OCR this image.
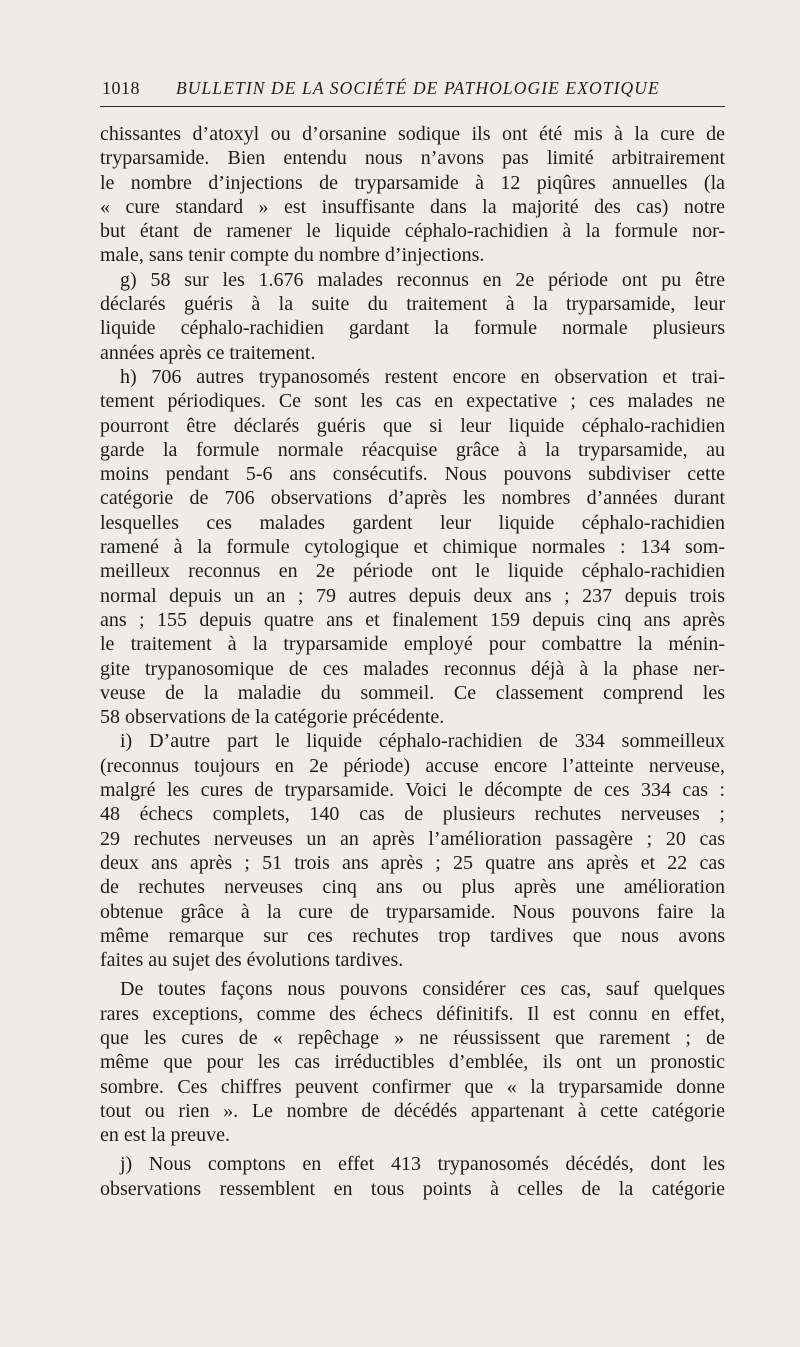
1018 BULLETIN DE LA SOCIÉTÉ DE PATHOLOGIE EXOTIQUE
chissantes d’atoxyl ou d’orsanine sodique ils ont été mis à la cure de
tryparsamide. Bien entendu nous n’avons pas limité arbitrairement
le nombre d’injections de tryparsamide à 12 piqûres annuelles (la
« cure standard » est insuffisante dans la majorité des cas) notre
but étant de ramener le liquide céphalo-rachidien à la formule nor-
male, sans tenir compte du nombre d’injections.
g) 58 sur les 1.676 malades reconnus en 2e période ont pu être
déclarés guéris à la suite du traitement à la tryparsamide, leur
liquide céphalo-rachidien gardant la formule normale plusieurs
années après ce traitement.
h) 706 autres trypanosomés restent encore en observation et trai-
tement périodiques. Ce sont les cas en expectative ; ces malades ne
pourront être déclarés guéris que si leur liquide céphalo-rachidien
garde la formule normale réacquise grâce à la tryparsamide, au
moins pendant 5-6 ans consécutifs. Nous pouvons subdiviser cette
catégorie de 706 observations d’après les nombres d’années durant
lesquelles ces malades gardent leur liquide céphalo-rachidien
ramené à la formule cytologique et chimique normales : 134 som-
meilleux reconnus en 2e période ont le liquide céphalo-rachidien
normal depuis un an ; 79 autres depuis deux ans ; 237 depuis trois
ans ; 155 depuis quatre ans et finalement 159 depuis cinq ans après
le traitement à la tryparsamide employé pour combattre la ménin-
gite trypanosomique de ces malades reconnus déjà à la phase ner-
veuse de la maladie du sommeil. Ce classement comprend les
58 observations de la catégorie précédente.
i) D’autre part le liquide céphalo-rachidien de 334 sommeilleux
(reconnus toujours en 2e période) accuse encore l’atteinte nerveuse,
malgré les cures de tryparsamide. Voici le décompte de ces 334 cas :
48 échecs complets, 140 cas de plusieurs rechutes nerveuses ;
29 rechutes nerveuses un an après l’amélioration passagère ; 20 cas
deux ans après ; 51 trois ans après ; 25 quatre ans après et 22 cas
de rechutes nerveuses cinq ans ou plus après une amélioration
obtenue grâce à la cure de tryparsamide. Nous pouvons faire la
même remarque sur ces rechutes trop tardives que nous avons
faites au sujet des évolutions tardives.
De toutes façons nous pouvons considérer ces cas, sauf quelques
rares exceptions, comme des échecs définitifs. Il est connu en effet,
que les cures de « repêchage » ne réussissent que rarement ; de
même que pour les cas irréductibles d’emblée, ils ont un pronostic
sombre. Ces chiffres peuvent confirmer que « la tryparsamide donne
tout ou rien ». Le nombre de décédés appartenant à cette catégorie
en est la preuve.
j) Nous comptons en effet 413 trypanosomés décédés, dont les
observations ressemblent en tous points à celles de la catégorie
